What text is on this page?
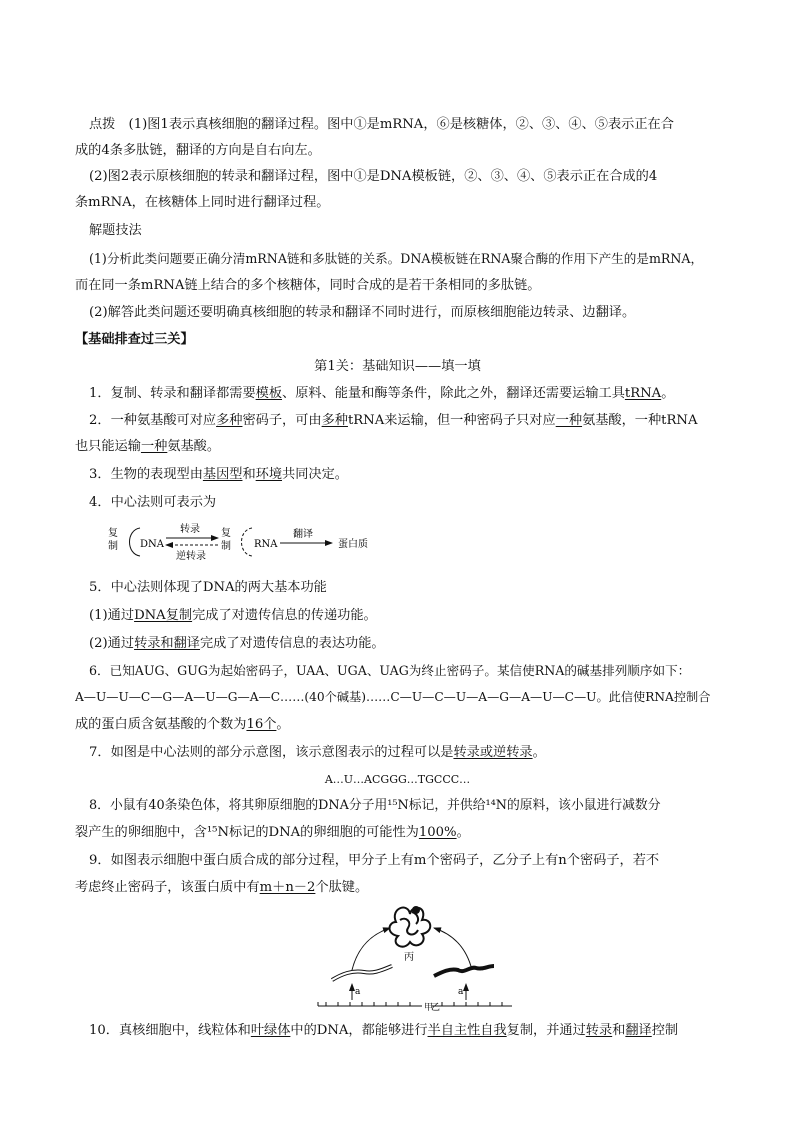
点拨　(1)图1表示真核细胞的翻译过程。图中①是mRNA，⑥是核糖体，②、③、④、⑤表示正在合
成的4条多肽链，翻译的方向是自右向左。
(2)图2表示原核细胞的转录和翻译过程，图中①是DNA模板链，②、③、④、⑤表示正在合成的4
条mRNA，在核糖体上同时进行翻译过程。
解题技法
(1)分析此类问题要正确分清mRNA链和多肽链的关系。DNA模板链在RNA聚合酶的作用下产生的是mRNA，
而在同一条mRNA链上结合的多个核糖体，同时合成的是若干条相同的多肽链。
(2)解答此类问题还要明确真核细胞的转录和翻译不同时进行，而原核细胞能边转录、边翻译。
【基础排查过三关】
第1关：基础知识——填一填
1．复制、转录和翻译都需要模板、原料、能量和酶等条件，除此之外，翻译还需要运输工具tRNA。
2．一种氨基酸可对应多种密码子，可由多种tRNA来运输，但一种密码子只对应一种氨基酸，一种tRNA
也只能运输一种氨基酸。
3．生物的表现型由基因型和环境共同决定。
4．中心法则可表示为
复
制 DNA
转录
逆转录
复
制 RNA
翻译
蛋白质
5．中心法则体现了DNA的两大基本功能
(1)通过DNA复制完成了对遗传信息的传递功能。
(2)通过转录和翻译完成了对遗传信息的表达功能。
6．已知AUG、GUG为起始密码子，UAA、UGA、UAG为终止密码子。某信使RNA的碱基排列顺序如下：
A—U—U—C—G—A—U—G—A—C……(40个碱基)……C—U—C—U—A—G—A—U—C—U。此信使RNA控制合
成的蛋白质含氨基酸的个数为16个。
7．如图是中心法则的部分示意图，该示意图表示的过程可以是转录或逆转录。
A…U…ACGGG…TGCCC…
8．小鼠有40条染色体，将其卵原细胞的DNA分子用¹⁵N标记，并供给¹⁴N的原料，该小鼠进行减数分
裂产生的卵细胞中，含¹⁵N标记的DNA的卵细胞的可能性为100%。
9．如图表示细胞中蛋白质合成的部分过程，甲分子上有m个密码子，乙分子上有n个密码子，若不
考虑终止密码子，该蛋白质中有m＋n－2个肽键。
丙
a	a
甲
乙
10．真核细胞中，线粒体和叶绿体中的DNA，都能够进行半自主性自我复制，并通过转录和翻译控制
